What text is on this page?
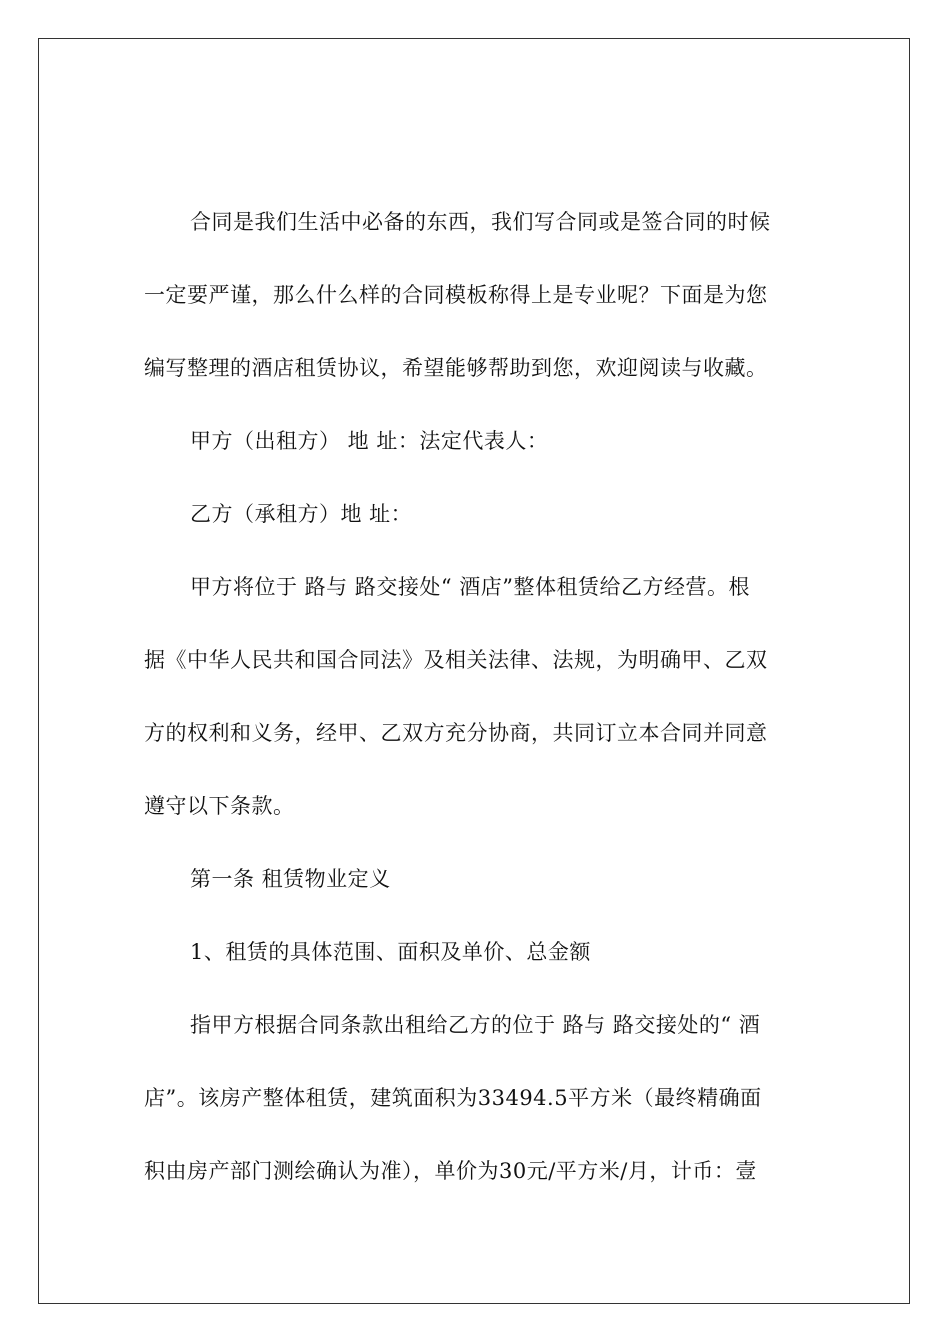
合同是我们生活中必备的东西，我们写合同或是签合同的时候
一定要严谨，那么什么样的合同模板称得上是专业呢？下面是为您
编写整理的酒店租赁协议，希望能够帮助到您，欢迎阅读与收藏。
甲方（出租方） 地 址：法定代表人：
乙方（承租方）地 址：
甲方将位于 路与 路交接处“ 酒店”整体租赁给乙方经营。根
据《中华人民共和国合同法》及相关法律、法规，为明确甲、乙双
方的权利和义务，经甲、乙双方充分协商，共同订立本合同并同意
遵守以下条款。
第一条 租赁物业定义
1、租赁的具体范围、面积及单价、总金额
指甲方根据合同条款出租给乙方的位于 路与 路交接处的“ 酒
店”。该房产整体租赁，建筑面积为33494.5平方米（最终精确面
积由房产部门测绘确认为准），单价为30元/平方米/月，计币：壹
